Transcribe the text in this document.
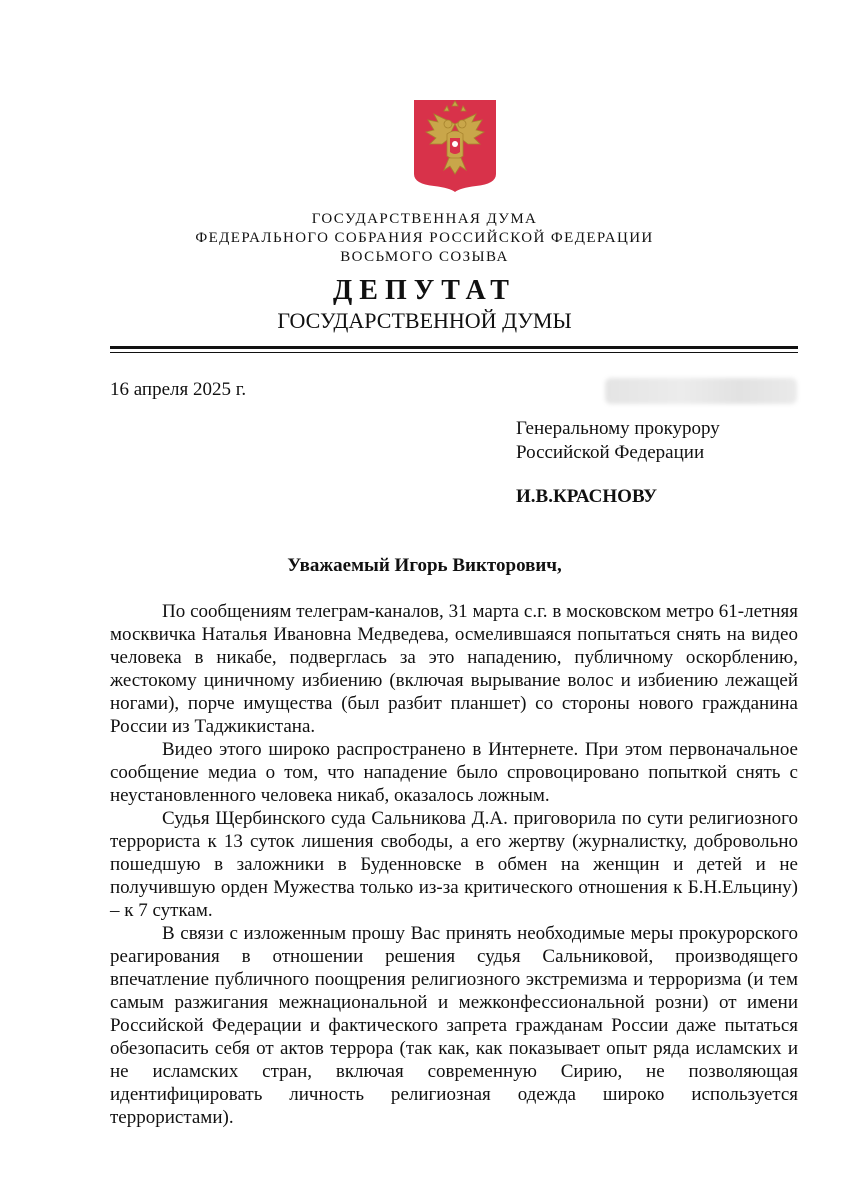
ГОСУДАРСТВЕННАЯ ДУМА
ФЕДЕРАЛЬНОГО СОБРАНИЯ РОССИЙСКОЙ ФЕДЕРАЦИИ
ВОСЬМОГО СОЗЫВА
ДЕПУТАТ
ГОСУДАРСТВЕННОЙ ДУМЫ
16 апреля 2025 г.
Генеральному прокурору
Российской Федерации
И.В.КРАСНОВУ
Уважаемый Игорь Викторович,

По сообщениям телеграм-каналов, 31 марта с.г. в московском метро 61-летняя москвичка Наталья Ивановна Медведева, осмелившаяся попытаться снять на видео человека в никабе, подверглась за это нападению, публичному оскорблению, жестокому циничному избиению (включая вырывание волос и избиению лежащей ногами), порче имущества (был разбит планшет) со стороны нового гражданина России из Таджикистана.

Видео этого широко распространено в Интернете. При этом первоначальное сообщение медиа о том, что нападение было спровоцировано попыткой снять с неустановленного человека никаб, оказалось ложным.

Судья Щербинского суда Сальникова Д.А. приговорила по сути религиозного террориста к 13 суток лишения свободы, а его жертву (журналистку, добровольно пошедшую в заложники в Буденновске в обмен на женщин и детей и не получившую орден Мужества только из-за критического отношения к Б.Н.Ельцину) – к 7 суткам.

В связи с изложенным прошу Вас принять необходимые меры прокурорского реагирования в отношении решения судья Сальниковой, производящего впечатление публичного поощрения религиозного экстремизма и терроризма (и тем самым разжигания межнациональной и межконфессиональной розни) от имени Российской Федерации и фактического запрета гражданам России даже пытаться обезопасить себя от актов террора (так как, как показывает опыт ряда исламских и не исламских стран, включая современную Сирию, не позволяющая идентифицировать личность религиозная одежда широко используется террористами).
